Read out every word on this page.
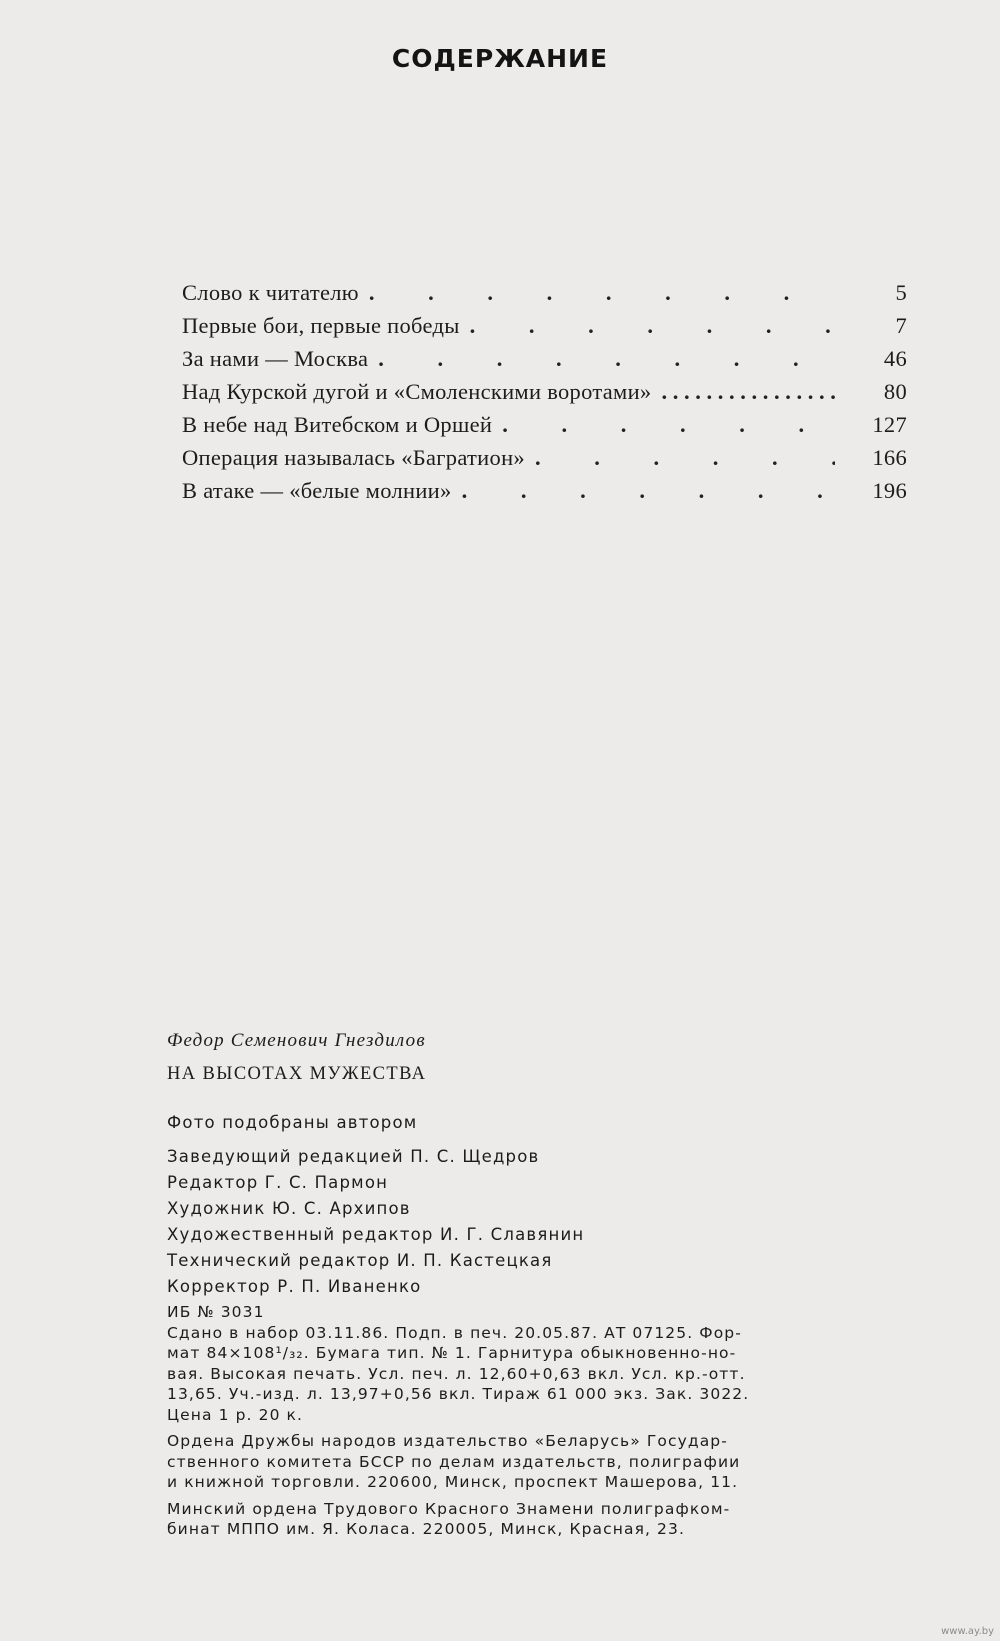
СОДЕРЖАНИЕ
Слово к читателю . . .	5
Первые бои, первые победы . . .	7
За нами — Москва . . .	46
Над Курской дугой и «Смоленскими воротами» . . .	80
В небе над Витебском и Оршей . . .	127
Операция называлась «Багратион» . . .	166
В атаке — «белые молнии» . . .	196
Федор Семенович Гнездилов
НА ВЫСОТАХ МУЖЕСТВА
Фото подобраны автором
Заведующий редакцией П. С. Щедров
Редактор Г. С. Пармон
Художник Ю. С. Архипов
Художественный редактор И. Г. Славянин
Технический редактор И. П. Кастецкая
Корректор Р. П. Иваненко
ИБ № 3031
Сдано в набор 03.11.86. Подп. в печ. 20.05.87. АТ 07125. Фор-
мат 84×108¹/₃₂. Бумага тип. № 1. Гарнитура обыкновенно-но-
вая. Высокая печать. Усл. печ. л. 12,60+0,63 вкл. Усл. кр.-отт.
13,65. Уч.-изд. л. 13,97+0,56 вкл. Тираж 61 000 экз. Зак. 3022.
Цена 1 р. 20 к.
Ордена Дружбы народов издательство «Беларусь» Государ-
ственного комитета БССР по делам издательств, полиграфии
и книжной торговли. 220600, Минск, проспект Машерова, 11.
Минский ордена Трудового Красного Знамени полиграфком-
бинат МППО им. Я. Коласа. 220005, Минск, Красная, 23.
www.ay.by
